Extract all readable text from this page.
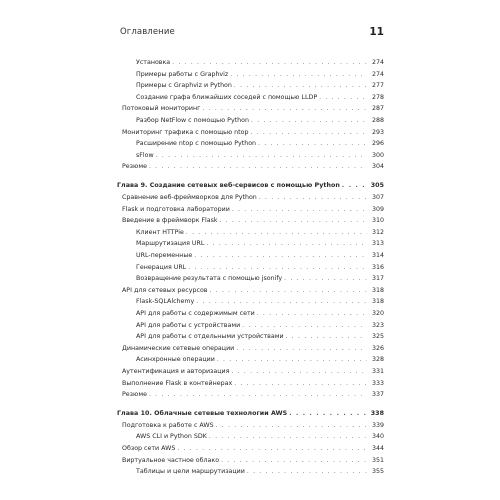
Оглавление	11
Установка . . .	274
Примеры работы с Graphviz . . .	274
Примеры с Graphviz и Python . . .	277
Создание графа ближайших соседей с помощью LLDP . . .	278
Потоковый мониторинг . . .	287
Разбор NetFlow с помощью Python . . .	288
Мониторинг трафика с помощью ntop . . .	293
Расширение ntop с помощью Python . . .	296
sFlow . . .	300
Резюме . . .	304
Глава 9. Создание сетевых веб-сервисов с помощью Python . . .	305
Сравнение веб-фреймворков для Python . . .	307
Flask и подготовка лаборатории . . .	309
Введение в фреймворк Flask . . .	310
Клиент HTTPie . . .	312
Маршрутизация URL . . .	313
URL-переменные . . .	314
Генерация URL . . .	316
Возвращение результата с помощью jsonify . . .	317
API для сетевых ресурсов . . .	318
Flask-SQLAlchemy . . .	318
API для работы с содержимым сети . . .	320
API для работы с устройствами . . .	323
API для работы с отдельными устройствами . . .	325
Динамические сетевые операции . . .	326
Асинхронные операции . . .	328
Аутентификация и авторизация . . .	331
Выполнение Flask в контейнерах . . .	333
Резюме . . .	337
Глава 10. Облачные сетевые технологии AWS . . .	338
Подготовка к работе с AWS . . .	339
AWS CLI и Python SDK . . .	340
Обзор сети AWS . . .	344
Виртуальное частное облако . . .	351
Таблицы и цели маршрутизации . . .	355
